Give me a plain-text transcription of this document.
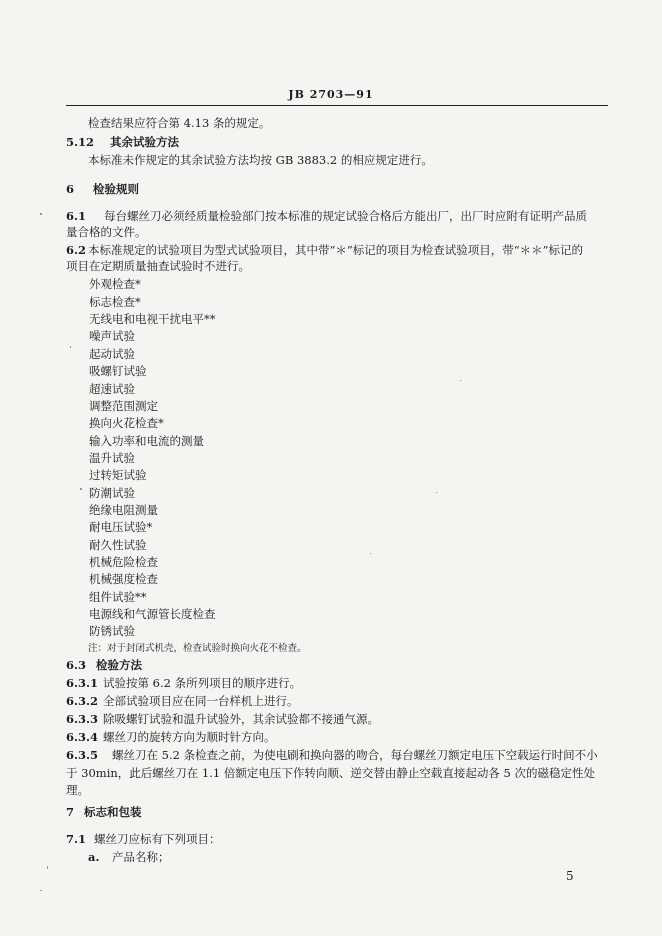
JB 2703—91
检查结果应符合第 4.13 条的规定。
5.12 其余试验方法
本标准未作规定的其余试验方法均按 GB 3883.2 的相应规定进行。
6 检验规则
6.1 每台螺丝刀必须经质量检验部门按本标准的规定试验合格后方能出厂，出厂时应附有证明产品质
量合格的文件。
6.2 本标准规定的试验项目为型式试验项目，其中带“＊”标记的项目为检查试验项目，带“＊＊”标记的
项目在定期质量抽查试验时不进行。
外观检查*
标志检查*
无线电和电视干扰电平**
噪声试验
起动试验
吸螺钉试验
超速试验
调整范围测定
换向火花检查*
输入功率和电流的测量
温升试验
过转矩试验
防潮试验
绝缘电阻测量
耐电压试验*
耐久性试验
机械危险检查
机械强度检查
组件试验**
电源线和气源管长度检查
防锈试验
注：对于封闭式机壳，检查试验时换向火花不检查。
6.3 检验方法
6.3.1 试验按第 6.2 条所列项目的顺序进行。
6.3.2 全部试验项目应在同一台样机上进行。
6.3.3 除吸螺钉试验和温升试验外，其余试验都不接通气源。
6.3.4 螺丝刀的旋转方向为顺时针方向。
6.3.5 螺丝刀在 5.2 条检查之前，为使电刷和换向器的吻合，每台螺丝刀额定电压下空载运行时间不小
于 30min，此后螺丝刀在 1.1 倍额定电压下作转向顺、逆交替由静止空载直接起动各 5 次的磁稳定性处
理。
7 标志和包装
7.1 螺丝刀应标有下列项目：
a. 产品名称；
5
